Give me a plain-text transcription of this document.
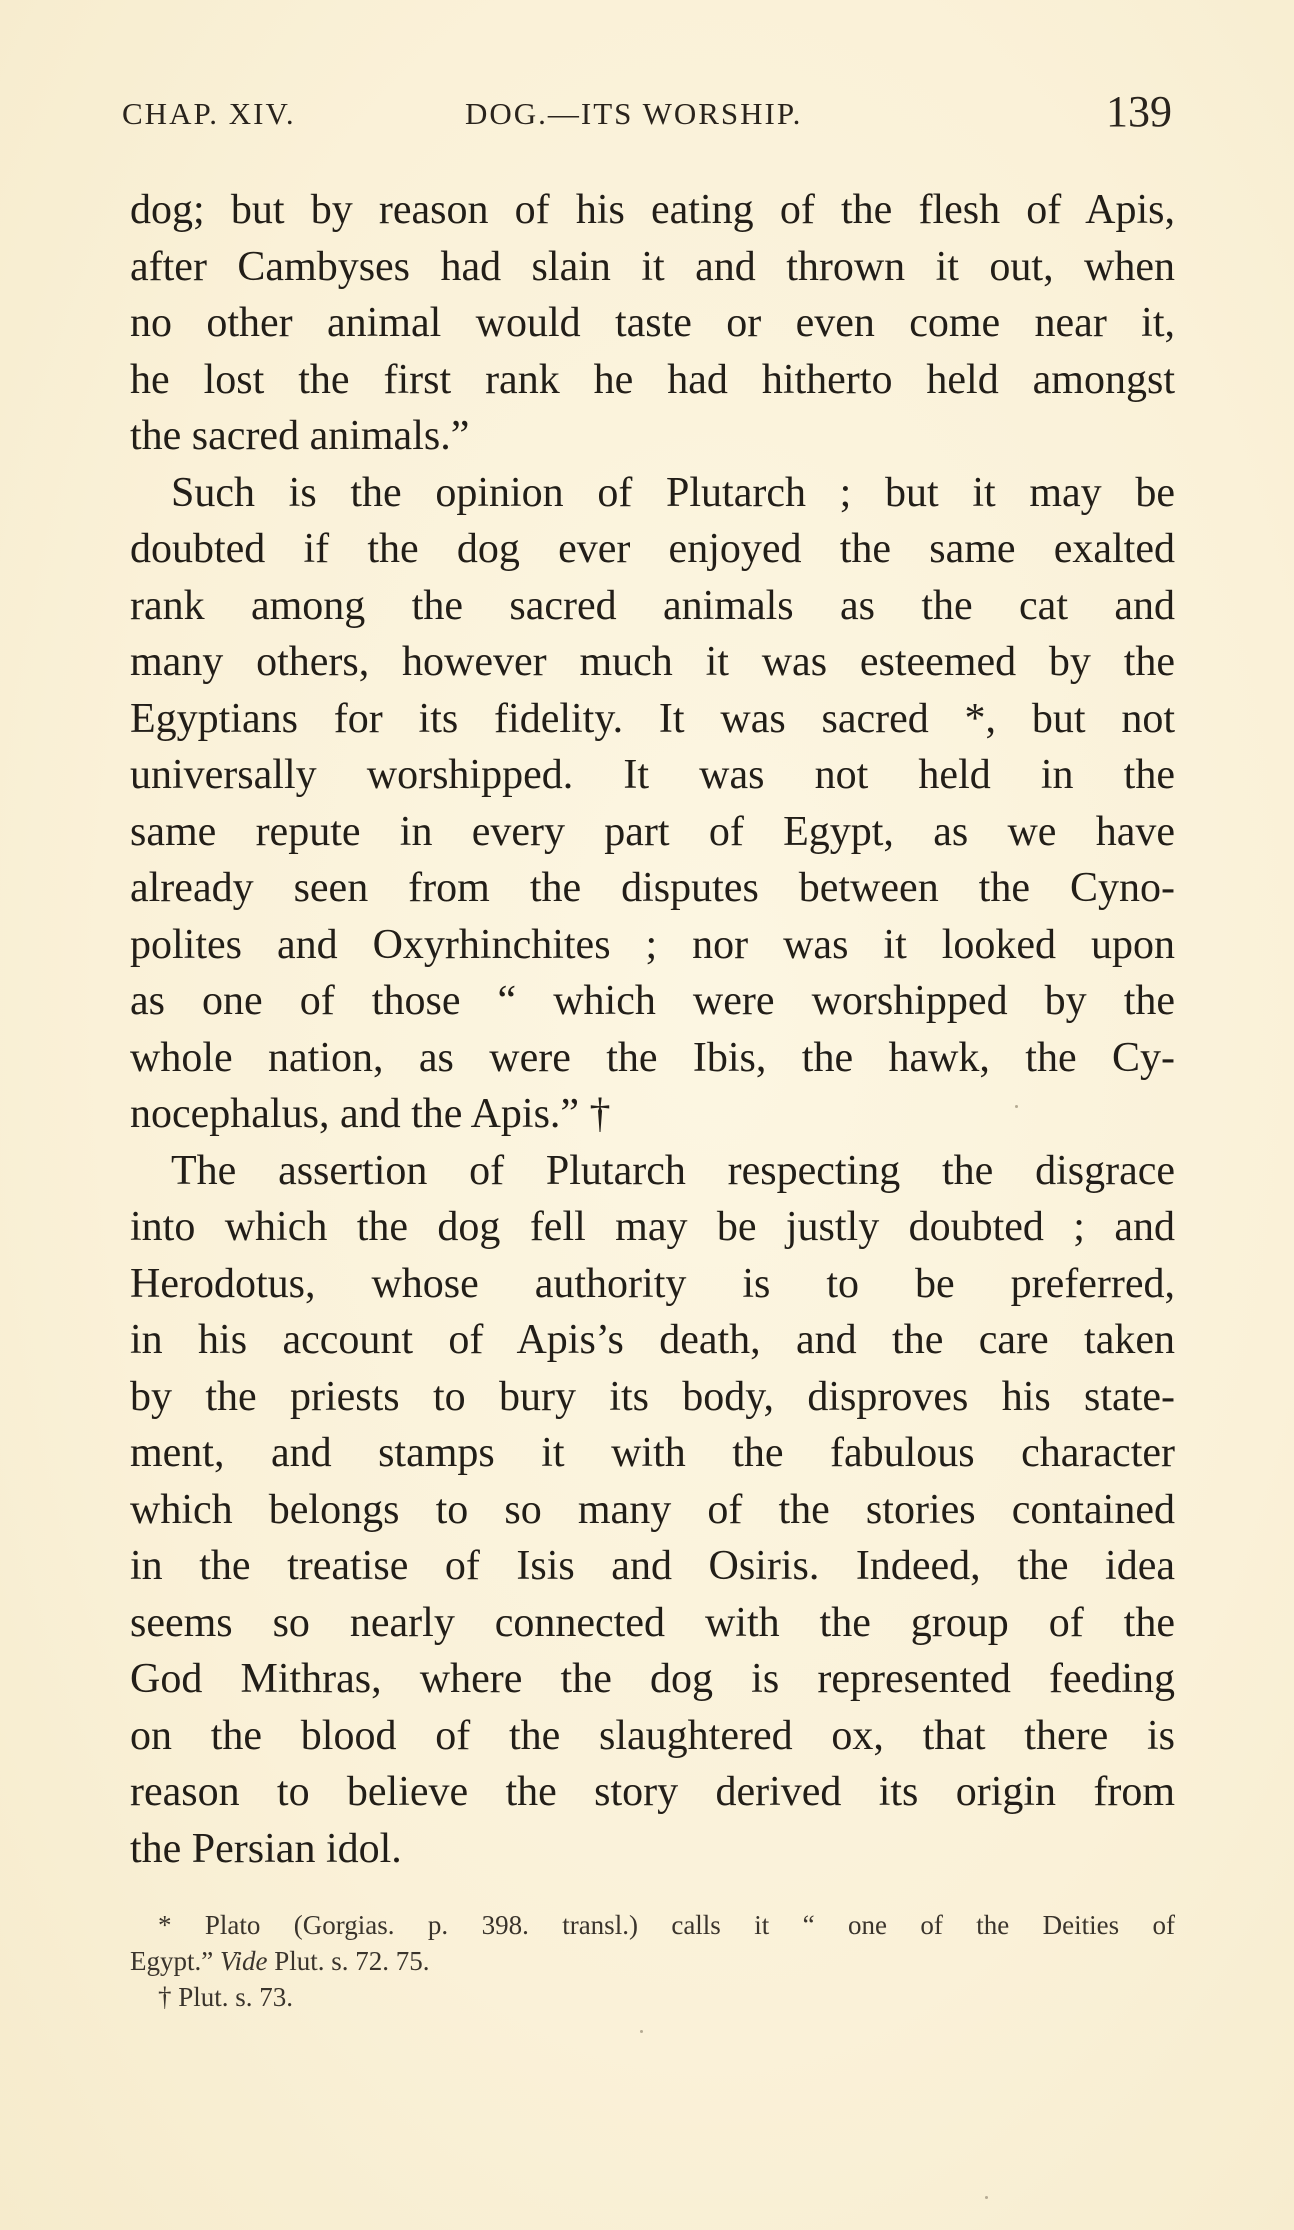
CHAP. XIV.	DOG.—ITS WORSHIP.	139
dog; but by reason of his eating of the flesh of Apis,
after Cambyses had slain it and thrown it out, when
no other animal would taste or even come near it,
he lost the first rank he had hitherto held amongst
the sacred animals.”
Such is the opinion of Plutarch ; but it may be
doubted if the dog ever enjoyed the same exalted
rank among the sacred animals as the cat and
many others, however much it was esteemed by the
Egyptians for its fidelity. It was sacred *, but not
universally worshipped. It was not held in the
same repute in every part of Egypt, as we have
already seen from the disputes between the Cyno-
polites and Oxyrhinchites ; nor was it looked upon
as one of those “ which were worshipped by the
whole nation, as were the Ibis, the hawk, the Cy-
nocephalus, and the Apis.” †
The assertion of Plutarch respecting the disgrace
into which the dog fell may be justly doubted ; and
Herodotus, whose authority is to be preferred,
in his account of Apis’s death, and the care taken
by the priests to bury its body, disproves his state-
ment, and stamps it with the fabulous character
which belongs to so many of the stories contained
in the treatise of Isis and Osiris. Indeed, the idea
seems so nearly connected with the group of the
God Mithras, where the dog is represented feeding
on the blood of the slaughtered ox, that there is
reason to believe the story derived its origin from
the Persian idol.
* Plato (Gorgias. p. 398. transl.) calls it “ one of the Deities of
Egypt.” Vide Plut. s. 72. 75.
† Plut. s. 73.
